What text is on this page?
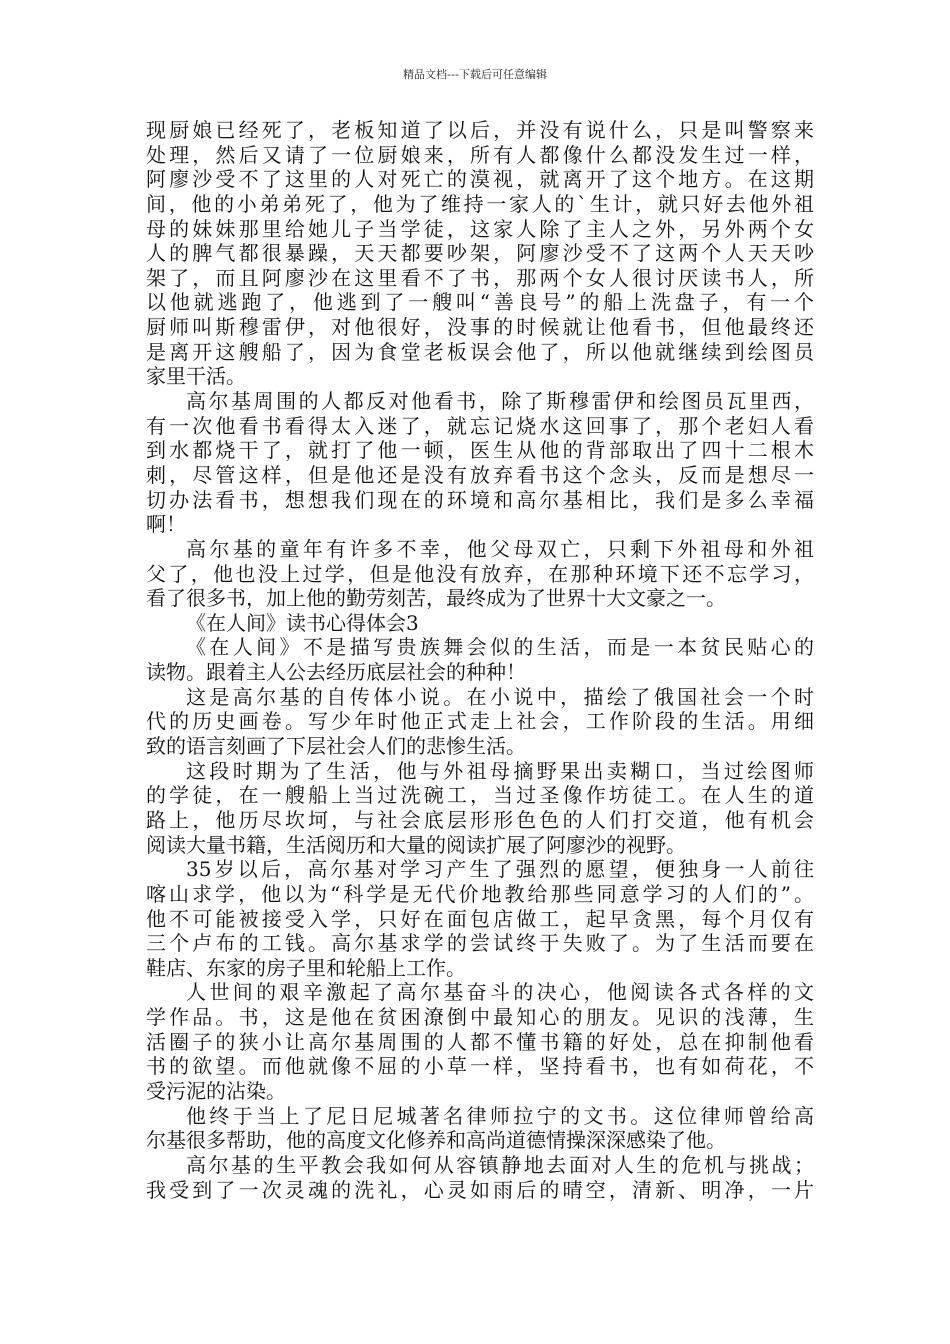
精品文档---下载后可任意编辑
现厨娘已经死了，老板知道了以后，并没有说什么，只是叫警察来
处理，然后又请了一位厨娘来，所有人都像什么都没发生过一样，
阿廖沙受不了这里的人对死亡的漠视，就离开了这个地方。在这期
间，他的小弟弟死了，他为了维持一家人的`生计，就只好去他外祖
母的妹妹那里给她儿子当学徒，这家人除了主人之外，另外两个女
人的脾气都很暴躁，天天都要吵架，阿廖沙受不了这两个人天天吵
架了，而且阿廖沙在这里看不了书，那两个女人很讨厌读书人，所
以他就逃跑了，他逃到了一艘叫“善良号”的船上洗盘子，有一个
厨师叫斯穆雷伊，对他很好，没事的时候就让他看书，但他最终还
是离开这艘船了，因为食堂老板误会他了，所以他就继续到绘图员
家里干活。
高尔基周围的人都反对他看书，除了斯穆雷伊和绘图员瓦里西，
有一次他看书看得太入迷了，就忘记烧水这回事了，那个老妇人看
到水都烧干了，就打了他一顿，医生从他的背部取出了四十二根木
刺，尽管这样，但是他还是没有放弃看书这个念头，反而是想尽一
切办法看书，想想我们现在的环境和高尔基相比，我们是多么幸福
啊！
高尔基的童年有许多不幸，他父母双亡，只剩下外祖母和外祖
父了，他也没上过学，但是他没有放弃，在那种环境下还不忘学习，
看了很多书，加上他的勤劳刻苦，最终成为了世界十大文豪之一。
《在人间》读书心得体会3
《在人间》不是描写贵族舞会似的生活，而是一本贫民贴心的
读物。跟着主人公去经历底层社会的种种！
这是高尔基的自传体小说。在小说中，描绘了俄国社会一个时
代的历史画卷。写少年时他正式走上社会，工作阶段的生活。用细
致的语言刻画了下层社会人们的悲惨生活。
这段时期为了生活，他与外祖母摘野果出卖糊口，当过绘图师
的学徒，在一艘船上当过洗碗工，当过圣像作坊徒工。在人生的道
路上，他历尽坎坷，与社会底层形形色色的人们打交道，他有机会
阅读大量书籍，生活阅历和大量的阅读扩展了阿廖沙的视野。
35岁以后，高尔基对学习产生了强烈的愿望，便独身一人前往
喀山求学，他以为“科学是无代价地教给那些同意学习的人们的”。
他不可能被接受入学，只好在面包店做工，起早贪黑，每个月仅有
三个卢布的工钱。高尔基求学的尝试终于失败了。为了生活而要在
鞋店、东家的房子里和轮船上工作。
人世间的艰辛激起了高尔基奋斗的决心，他阅读各式各样的文
学作品。书，这是他在贫困潦倒中最知心的朋友。见识的浅薄，生
活圈子的狭小让高尔基周围的人都不懂书籍的好处，总在抑制他看
书的欲望。而他就像不屈的小草一样，坚持看书，也有如荷花，不
受污泥的沾染。
他终于当上了尼日尼城著名律师拉宁的文书。这位律师曾给高
尔基很多帮助，他的高度文化修养和高尚道德情操深深感染了他。
高尔基的生平教会我如何从容镇静地去面对人生的危机与挑战；
我受到了一次灵魂的洗礼，心灵如雨后的晴空，清新、明净，一片
